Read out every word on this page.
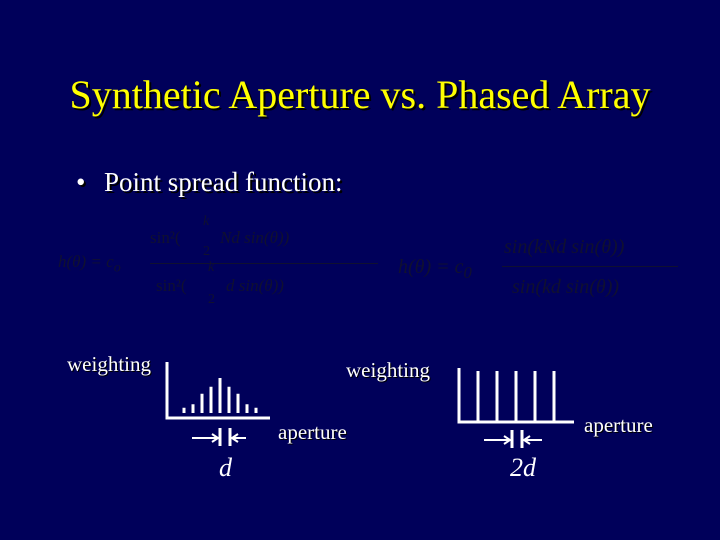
Synthetic Aperture vs. Phased Array
• Point spread function:
$h(\theta) = c_o$
sin²(
k
2
Nd sin(θ))
sin²(
k
2
d sin(θ))
$h(\theta) = c_0$
sin(kNd sin(θ))
sin(kd sin(θ))
weighting
aperture
d
weighting
aperture
2d
